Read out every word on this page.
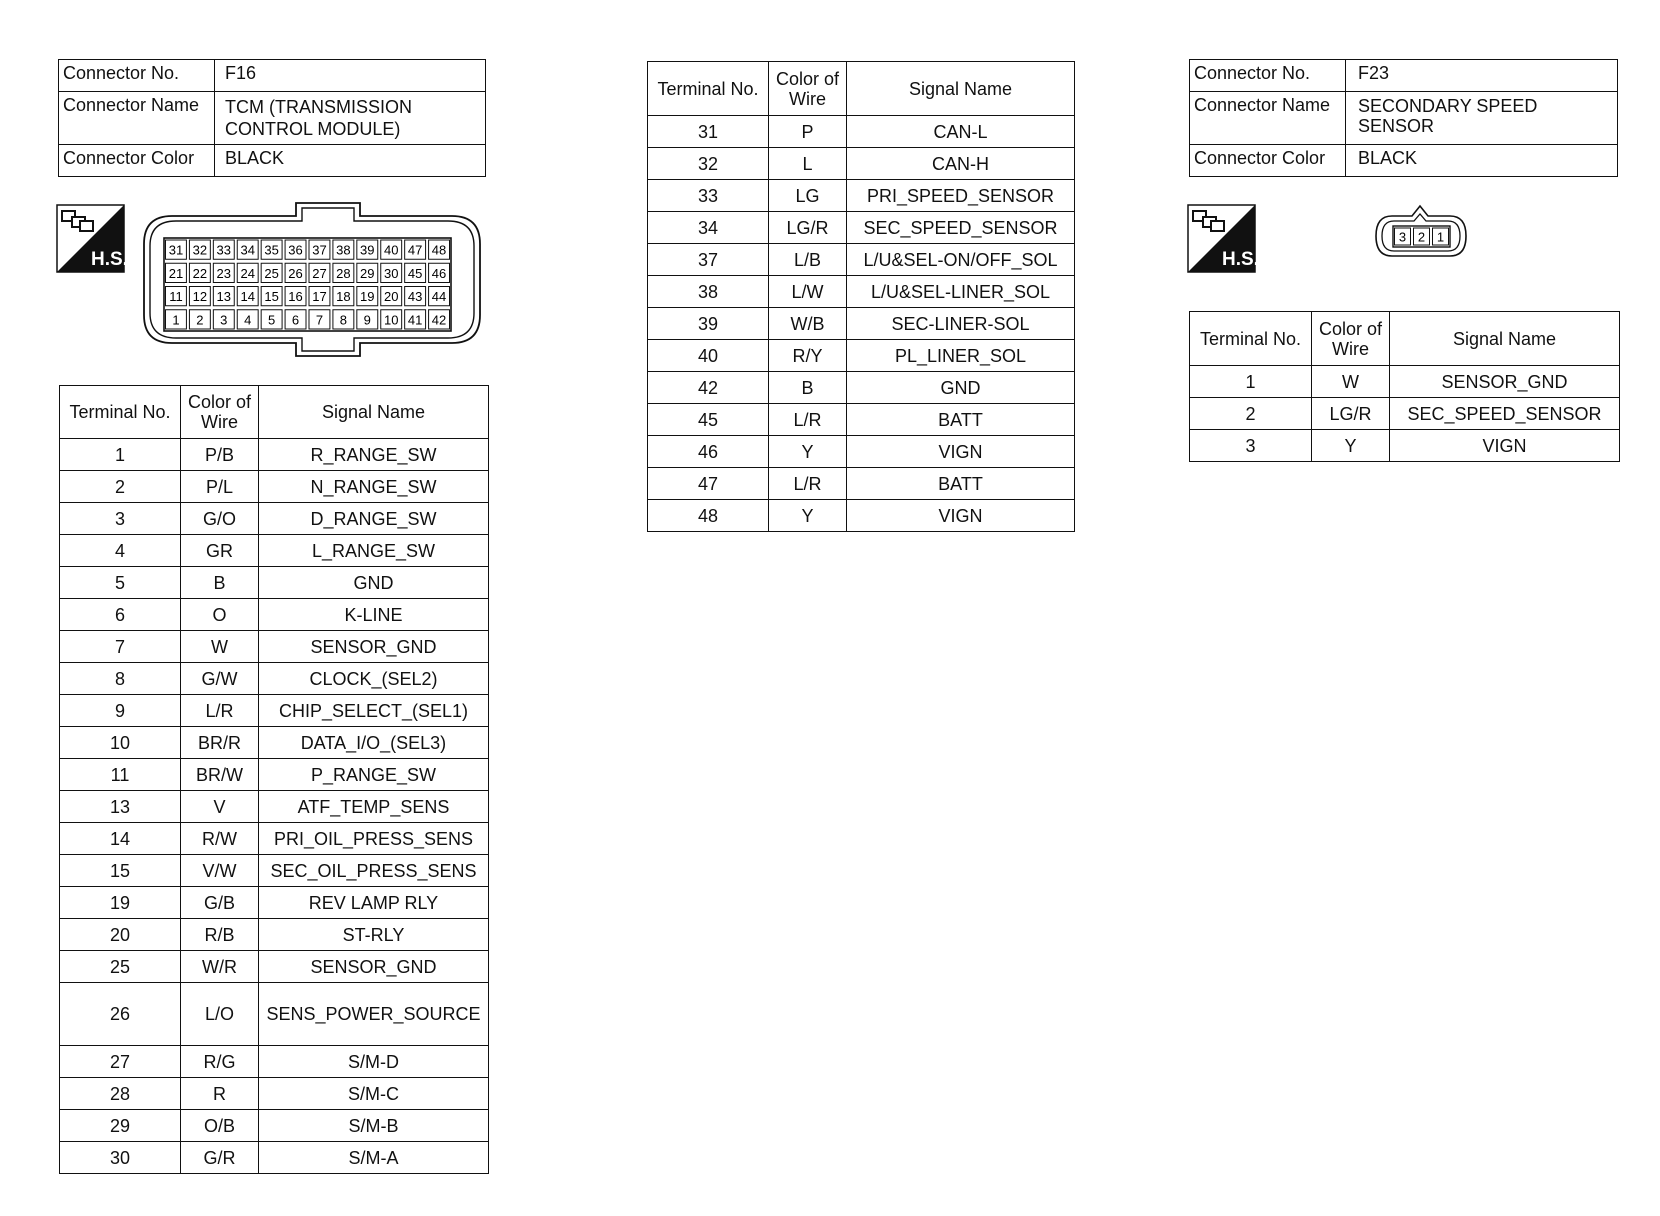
Connector No.	F16
Connector Name	TCM (TRANSMISSION CONTROL MODULE)
Connector Color	BLACK
H.S.	31 32 33 34 35 36 37 38 39 40 47 48
21 22 23 24 25 26 27 28 29 30 45 46
11 12 13 14 15 16 17 18 19 20 43 44
1 2 3 4 5 6 7 8 9 10 41 42
Terminal No.	Color of Wire	Signal Name
1	P/B	R_RANGE_SW
2	P/L	N_RANGE_SW
3	G/O	D_RANGE_SW
4	GR	L_RANGE_SW
5	B	GND
6	O	K-LINE
7	W	SENSOR_GND
8	G/W	CLOCK_(SEL2)
9	L/R	CHIP_SELECT_(SEL1)
10	BR/R	DATA_I/O_(SEL3)
11	BR/W	P_RANGE_SW
13	V	ATF_TEMP_SENS
14	R/W	PRI_OIL_PRESS_SENS
15	V/W	SEC_OIL_PRESS_SENS
19	G/B	REV LAMP RLY
20	R/B	ST-RLY
25	W/R	SENSOR_GND
26	L/O	SENS_POWER_SOURCE
27	R/G	S/M-D
28	R	S/M-C
29	O/B	S/M-B
30	G/R	S/M-A
Terminal No.	Color of Wire	Signal Name
31	P	CAN-L
32	L	CAN-H
33	LG	PRI_SPEED_SENSOR
34	LG/R	SEC_SPEED_SENSOR
37	L/B	L/U&SEL-ON/OFF_SOL
38	L/W	L/U&SEL-LINER_SOL
39	W/B	SEC-LINER-SOL
40	R/Y	PL_LINER_SOL
42	B	GND
45	L/R	BATT
46	Y	VIGN
47	L/R	BATT
48	Y	VIGN
Connector No.	F23
Connector Name	SECONDARY SPEED SENSOR
Connector Color	BLACK
H.S.
3 2 1
Terminal No.	Color of Wire	Signal Name
1	W	SENSOR_GND
2	LG/R	SEC_SPEED_SENSOR
3	Y	VIGN
